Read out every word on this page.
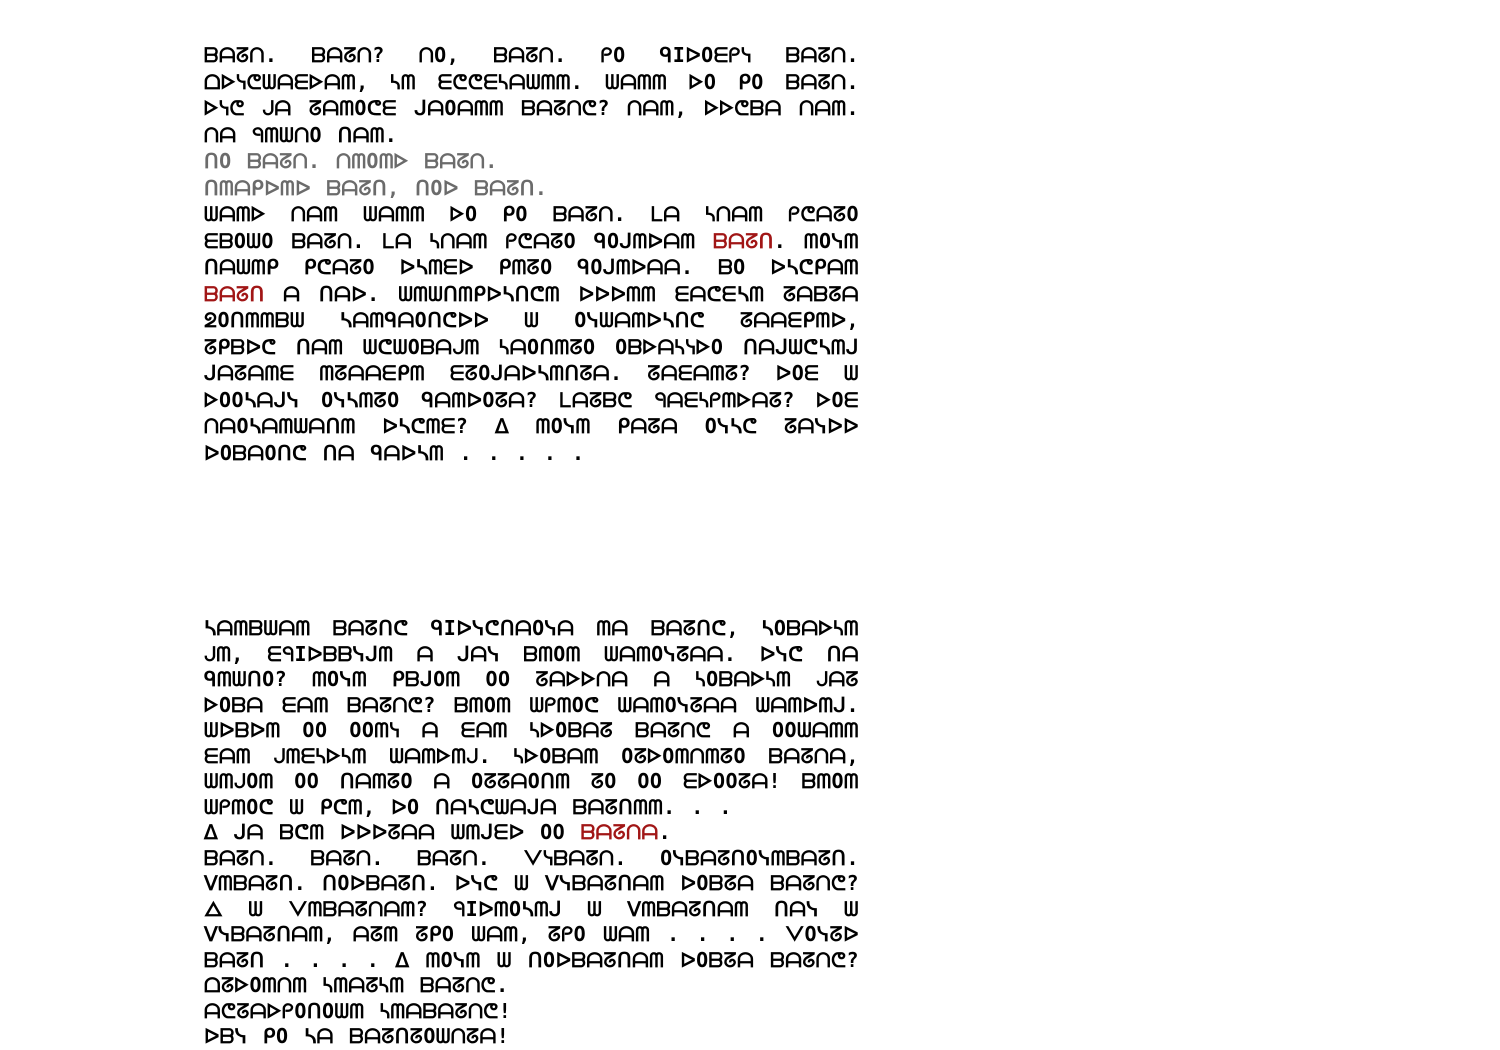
ᗷᗩᘔᑎ. ᗷᗩᘔᑎ? ᑎO, ᗷᗩᘔᑎ. ᑭO ᑫIᐅOᗴᑭᓭ ᗷᗩᘔᑎ. ᗝᐅᓭᕦᗯᗩᗴᐅᗩᗰ, ᓴᗰ ᗴᕦᕦᗴᓴᗩᗯᗰᗰ. ᗯᗩᗰᗰ ᐅO ᑭO ᗷᗩᘔᑎ. ᐅᓭᕦ ᒍᗩ ᘔᗩᗰOᕦᗴ ᒍᗩOᗩᗰᗰ ᗷᗩᘔᑎᕦ? ᑎᗩᗰ, ᐅᐅᕦᗷᗩ ᑎᗩᗰ. ᑎᗩ ᑫᗰᗯᑎO ᑎᗩᗰ.

ᑎO ᗷᗩᘔᑎ. ᑎᗰOᗰᐅ ᗷᗩᘔᑎ.

ᑎᗰᗩᑭᐅᗰᐅ ᗷᗩᘔᑎ, ᑎOᐅ ᗷᗩᘔᑎ.

ᗯᗩᗰᐅ ᑎᗩᗰ ᗯᗩᗰᗰ ᐅO ᑭO ᗷᗩᘔᑎ. ᒪᗩ ᓴᑎᗩᗰ ᑭᕦᗩᘔO ᗴᗷOᗯO ᗷᗩᘔᑎ. ᒪᗩ ᓴᑎᗩᗰ ᑭᕦᗩᘔO ᑫOᒍᗰᐅᗩᗰ ᗷᗩᘔᑎ. ᗰOᓭᗰ ᑎᗩᗯᗰᑭ ᑭᕦᗩᘔO ᐅᓴᗰᗴᐅ ᑭᗰᘔO ᑫOᒍᗰᐅᗩᗩ. ᗷO ᐅᓴᕦᑭᗩᗰ ᗷᗩᘔᑎ ᗩ ᑎᗩᐅ. ᗯᗰᗯᑎᗰᑭᐅᓴᑎᕦᗰ ᐅᐅᐅᗰᗰ ᗴᗩᕦᗴᓴᗰ ᘔᗩᗷᘔᗩ ᘖOᑎᗰᗰᗷᗯ ᓴᗩᗰᑫᗩOᑎᕦᐅᐅ ᗯ Oᓭᗯᗩᗰᐅᓴᑎᕦ ᘔᗩᗩᗴᑭᗰᐅ, ᘔᑭᗷᐅᕦ ᑎᗩᗰ ᗯᕦᗯOᗷᗩᒍᗰ ᓴᗩOᑎᗰᘔO OᗷᐅᗩᓴᓭᐅO ᑎᗩᒍᗯᕦᓴᗰᒍ ᒍᗩᘔᗩᗰᗴ ᗰᘔᗩᗩᗴᑭᗰ ᗴᘔOᒍᗩᐅᓴᗰᑎᘔᗩ. ᘔᗩᗴᗩᗰᘔ? ᐅOᗴ ᗯ ᐅOOᓴᗩᒍᓭ OᓭᓴᗰᘔO ᑫᗩᗰᐅOᘔᗩ? ᒪᗩᘔᗷᕦ ᑫᗩᗴᓴᑭᗰᐅᗩᘔ? ᐅOᗴ ᑎᗩOᓴᗩᗰᗯᗩᑎᗰ ᐅᓴᕦᗰᗴ? ᐃ ᗰOᓭᗰ ᑭᗩᘔᗩ Oᓭᓴᕦ ᘔᗩᓭᐅᐅ ᐅOᗷᗩOᑎᕦ ᑎᗩ ᑫᗩᐅᓴᗰ . . . . .

ᓴᗩᗰᗷᗯᗩᗰ ᗷᗩᘔᑎᕦ ᑫIᐅᓭᕦᑎᗩOᓭᗩ ᗰᗩ ᗷᗩᘔᑎᕦ, ᓴOᗷᗩᐅᓴᗰ ᒍᗰ, ᗴᑫIᐅᗷᗷᓭᒍᗰ ᗩ ᒍᗩᓭ ᗷᗰOᗰ ᗯᗩᗰOᓭᘔᗩᗩ. ᐅᓭᕦ ᑎᗩ ᑫᗰᗯᑎO? ᗰOᓭᗰ ᑭᗷᒍOᗰ OO ᘔᗩᐅᐅᑎᗩ ᗩ ᓴOᗷᗩᐅᓴᗰ ᒍᗩᘔ ᐅOᗷᗩ ᗴᗩᗰ ᗷᗩᘔᑎᕦ? ᗷᗰOᗰ ᗯᑭᗰOᕦ ᗯᗩᗰOᓭᘔᗩᗩ ᗯᗩᗰᐅᗰᒍ. ᗯᐅᗷᐅᗰ OO OOᗰᓭ ᗩ ᗴᗩᗰ ᓴᐅOᗷᗩᘔ ᗷᗩᘔᑎᕦ ᗩ OOᗯᗩᗰᗰ ᗴᗩᗰ ᒍᗰᗴᓴᐅᓴᗰ ᗯᗩᗰᐅᗰᒍ. ᓴᐅOᗷᗩᗰ OᘔᐅOᗰᑎᗰᘔO ᗷᗩᘔᑎᗩ, ᗯᗰᒍOᗰ OO ᑎᗩᗰᘔO ᗩ OᘔᘔᗩOᑎᗰ ᘔO OO ᗴᐅOOᘔᗩ! ᗷᗰOᗰ ᗯᑭᗰOᕦ ᗯ ᑭᕦᗰ, ᐅO ᑎᗩᓴᕦᗯᗩᒍᗩ ᗷᗩᘔᑎᗰᗰ. . .

ᐃ ᒍᗩ ᗷᕦᗰ ᐅᐅᐅᘔᗩᗩ ᗯᗰᒍᗴᐅ OO ᗷᗩᘔᑎᗩ.

ᗷᗩᘔᑎ. ᗷᗩᘔᑎ. ᗷᗩᘔᑎ. ᐯᓭᗷᗩᘔᑎ. OᓭᗷᗩᘔᑎOᓭᗰᗷᗩᘔᑎ. ᐯᗰᗷᗩᘔᑎ. ᑎOᐅᗷᗩᘔᑎ. ᐅᓭᕦ ᗯ ᐯᓭᗷᗩᘔᑎᗩᗰ ᐅOᗷᘔᗩ ᗷᗩᘔᑎᕦ? ᐃ ᗯ ᐯᗰᗷᗩᘔᑎᗩᗰ? ᑫIᐅᗰOᓴᗰᒍ ᗯ ᐯᗰᗷᗩᘔᑎᗩᗰ ᑎᗩᓭ ᗯ ᐯᓭᗷᗩᘔᑎᗩᗰ, ᗩᘔᗰ ᘔᑭO ᗯᗩᗰ, ᘔᑭO ᗯᗩᗰ . . . . ᐯOᓭᘔᐅ ᗷᗩᘔᑎ . . . . ᐃ ᗰOᓭᗰ ᗯ ᑎOᐅᗷᗩᘔᑎᗩᗰ ᐅOᗷᘔᗩ ᗷᗩᘔᑎᕦ? ᗝᘔᐅOᗰᑎᗰ ᓴᗰᗩᘔᓴᗰ ᗷᗩᘔᑎᕦ.

ᗩᕦᘔᗩᐅᑭOᑎOᗯᗰ ᓴᗰᗩᗷᗩᘔᑎᕦ!

ᐅᗷᓭ ᑭO ᓴᗩ ᗷᗩᘔᑎᘔOᗯᑎᘔᗩ!
